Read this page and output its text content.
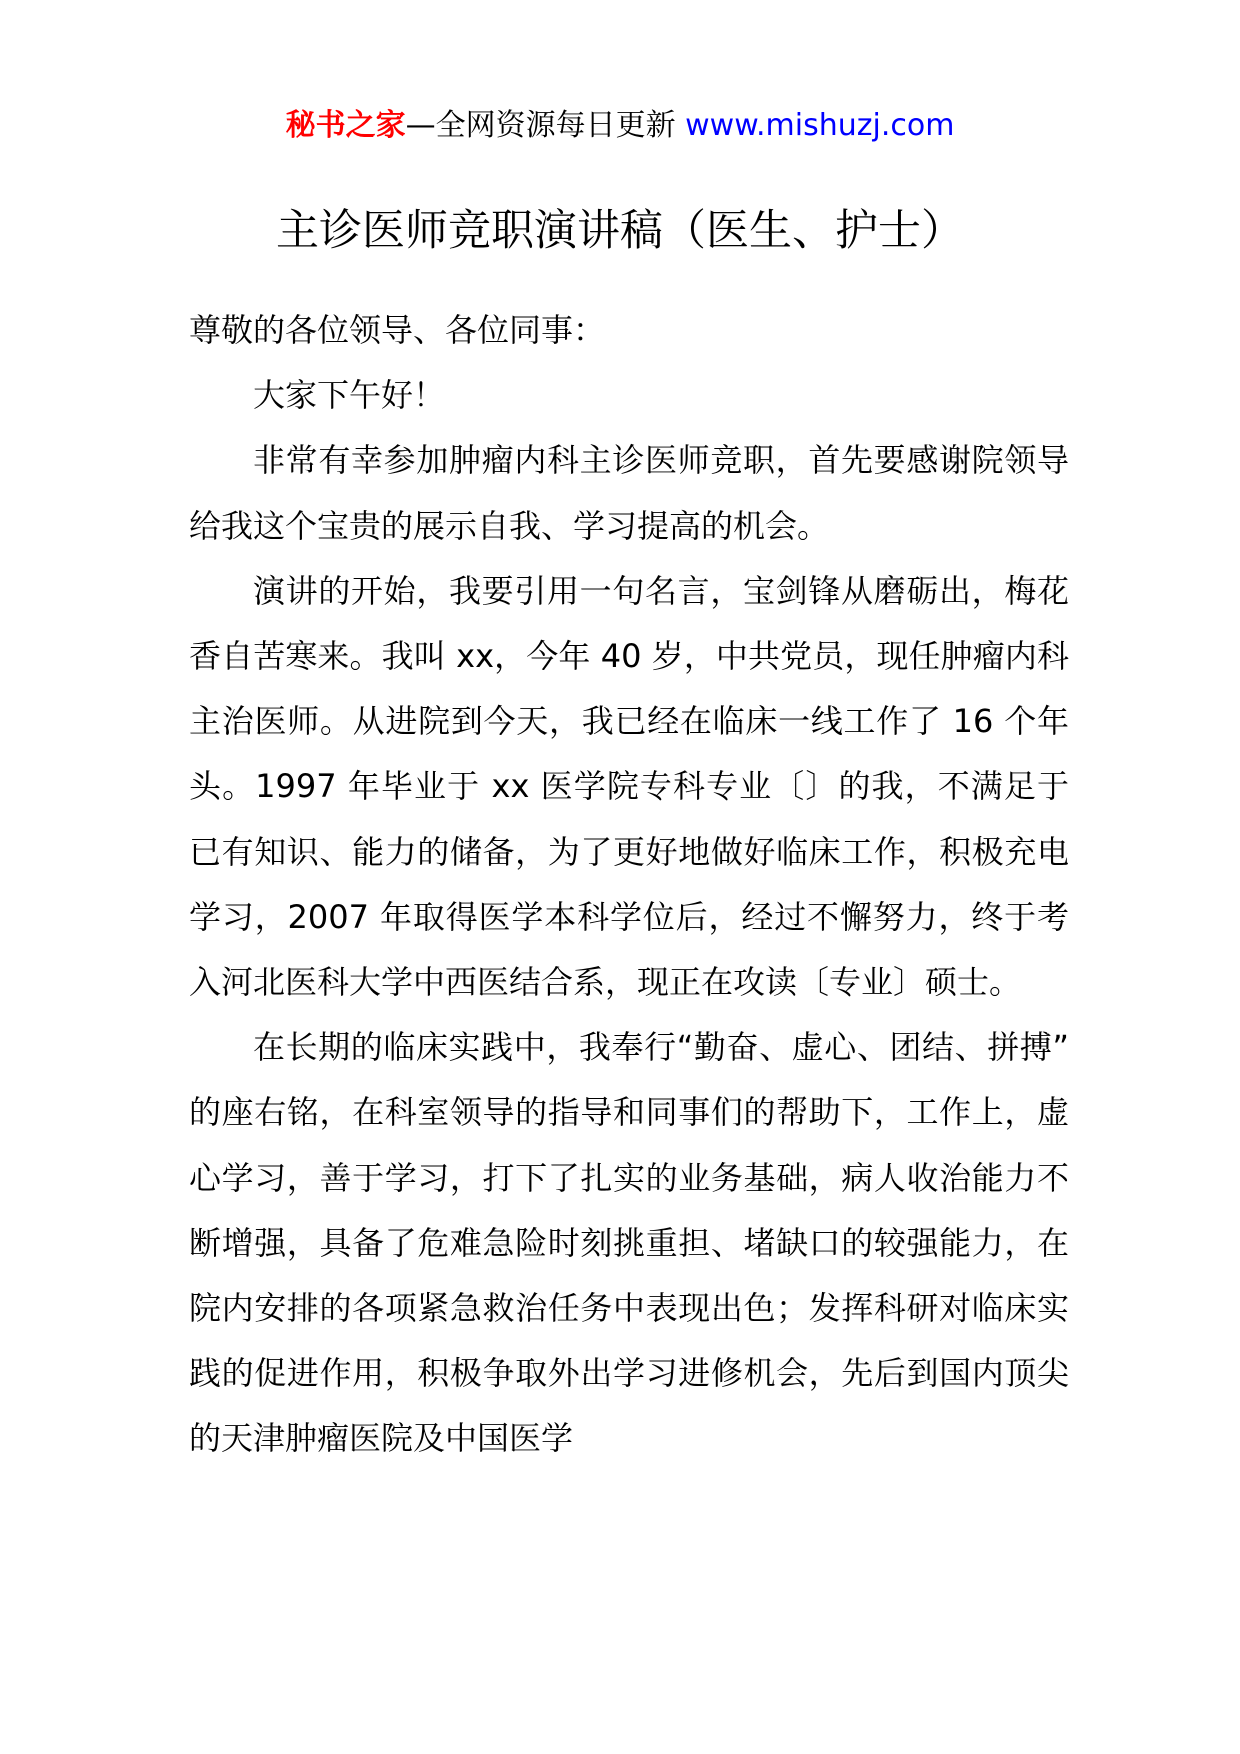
秘书之家—全网资源每日更新 www.mishuzj.com
主诊医师竞职演讲稿（医生、护士）

尊敬的各位领导、各位同事：

大家下午好！

非常有幸参加肿瘤内科主诊医师竞职，首先要感谢院领导给我这个宝贵的展示自我、学习提高的机会。

演讲的开始，我要引用一句名言，宝剑锋从磨砺出，梅花香自苦寒来。我叫 xx，今年 40 岁，中共党员，现任肿瘤内科主治医师。从进院到今天，我已经在临床一线工作了 16 个年头。1997 年毕业于 xx 医学院专科专业〔〕的我，不满足于已有知识、能力的储备，为了更好地做好临床工作，积极充电学习，2007 年取得医学本科学位后，经过不懈努力，终于考入河北医科大学中西医结合系，现正在攻读〔专业〕硕士。

在长期的临床实践中，我奉行“勤奋、虚心、团结、拼搏”的座右铭，在科室领导的指导和同事们的帮助下，工作上，虚心学习，善于学习，打下了扎实的业务基础，病人收治能力不断增强，具备了危难急险时刻挑重担、堵缺口的较强能力，在院内安排的各项紧急救治任务中表现出色；发挥科研对临床实践的促进作用，积极争取外出学习进修机会，先后到国内顶尖的天津肿瘤医院及中国医学
